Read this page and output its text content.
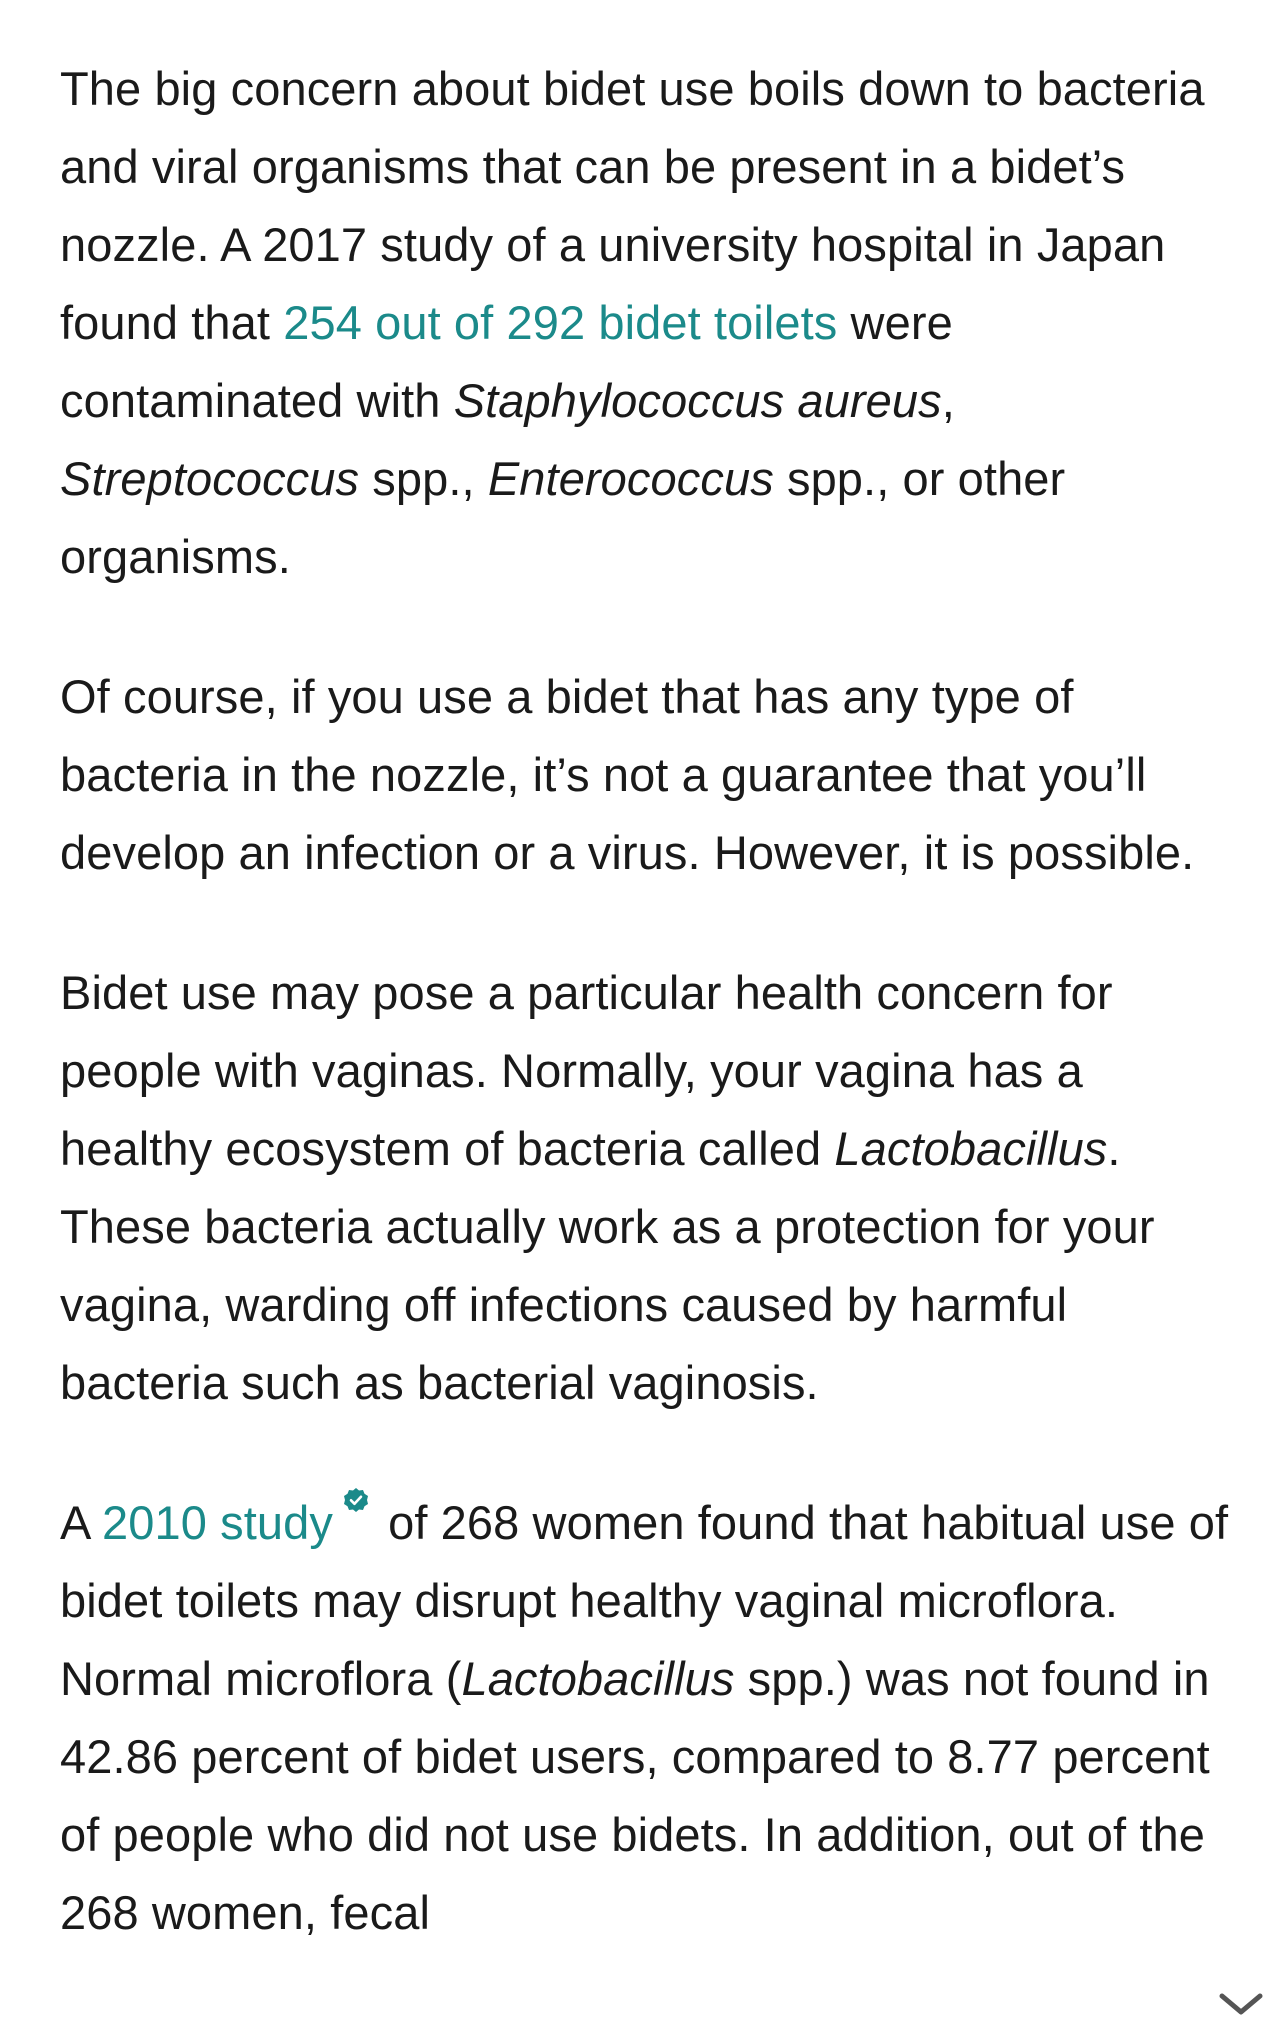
The big concern about bidet use boils down to bacteria and viral organisms that can be present in a bidet’s nozzle. A 2017 study of a university hospital in Japan found that 254 out of 292 bidet toilets were contaminated with Staphylococcus aureus, Streptococcus spp., Enterococcus spp., or other organisms.

Of course, if you use a bidet that has any type of bacteria in the nozzle, it’s not a guarantee that you’ll develop an infection or a virus. However, it is possible.

Bidet use may pose a particular health concern for people with vaginas. Normally, your vagina has a healthy ecosystem of bacteria called Lactobacillus. These bacteria actually work as a protection for your vagina, warding off infections caused by harmful bacteria such as bacterial vaginosis.

A 2010 study of 268 women found that habitual use of bidet toilets may disrupt healthy vaginal microflora. Normal microflora (Lactobacillus spp.) was not found in 42.86 percent of bidet users, compared to 8.77 percent of people who did not use bidets. In addition, out of the 268 women, fecal
